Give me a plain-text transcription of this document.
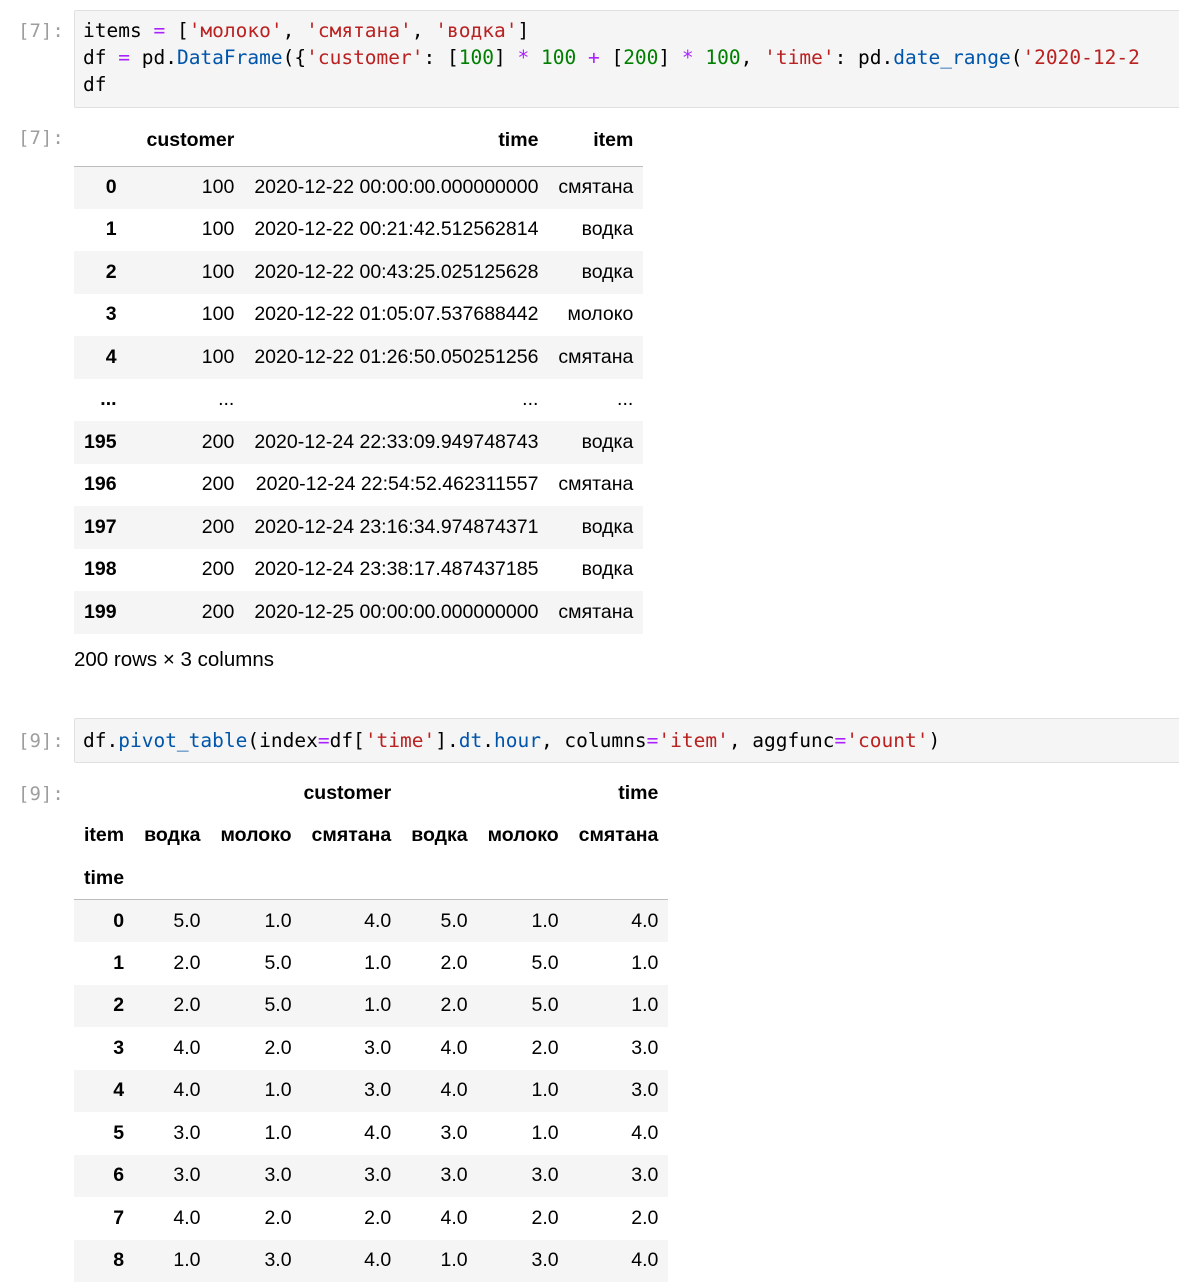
[7]: items = ['молоко', 'смятана', 'водка']
df = pd.DataFrame({'customer': [100] * 100 + [200] * 100, 'time': pd.date_range('2020-12-2
df
[7]:
		customer	time	item
0	100	2020-12-22 00:00:00.000000000	смятана
1	100	2020-12-22 00:21:42.512562814	водка
2	100	2020-12-22 00:43:25.025125628	водка
3	100	2020-12-22 01:05:07.537688442	молоко
4	100	2020-12-22 01:26:50.050251256	смятана
...	...	...	...
195	200	2020-12-24 22:33:09.949748743	водка
196	200	2020-12-24 22:54:52.462311557	смятана
197	200	2020-12-24 23:16:34.974874371	водка
198	200	2020-12-24 23:38:17.487437185	водка
199	200	2020-12-25 00:00:00.000000000	смятана
200 rows × 3 columns
[9]: df.pivot_table(index=df['time'].dt.hour, columns='item', aggfunc='count')
[9]:
		customer			time		
item	водка	молоко	смятана	водка	молоко	смятана
time						
0	5.0	1.0	4.0	5.0	1.0	4.0
1	2.0	5.0	1.0	2.0	5.0	1.0
2	2.0	5.0	1.0	2.0	5.0	1.0
3	4.0	2.0	3.0	4.0	2.0	3.0
4	4.0	1.0	3.0	4.0	1.0	3.0
5	3.0	1.0	4.0	3.0	1.0	4.0
6	3.0	3.0	3.0	3.0	3.0	3.0
7	4.0	2.0	2.0	4.0	2.0	2.0
8	1.0	3.0	4.0	1.0	3.0	4.0
